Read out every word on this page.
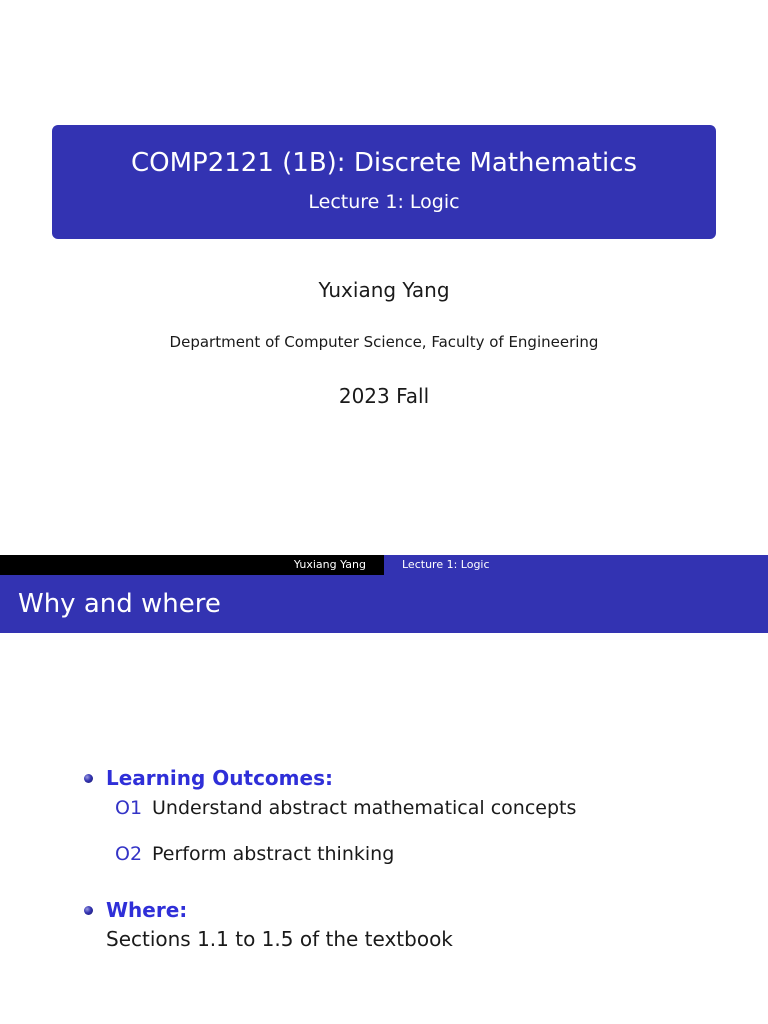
COMP2121 (1B): Discrete Mathematics
Lecture 1: Logic
Yuxiang Yang
Department of Computer Science, Faculty of Engineering
2023 Fall
Yuxiang Yang	Lecture 1: Logic
Why and where
Learning Outcomes:
O1 Understand abstract mathematical concepts
O2 Perform abstract thinking
Where:
Sections 1.1 to 1.5 of the textbook
